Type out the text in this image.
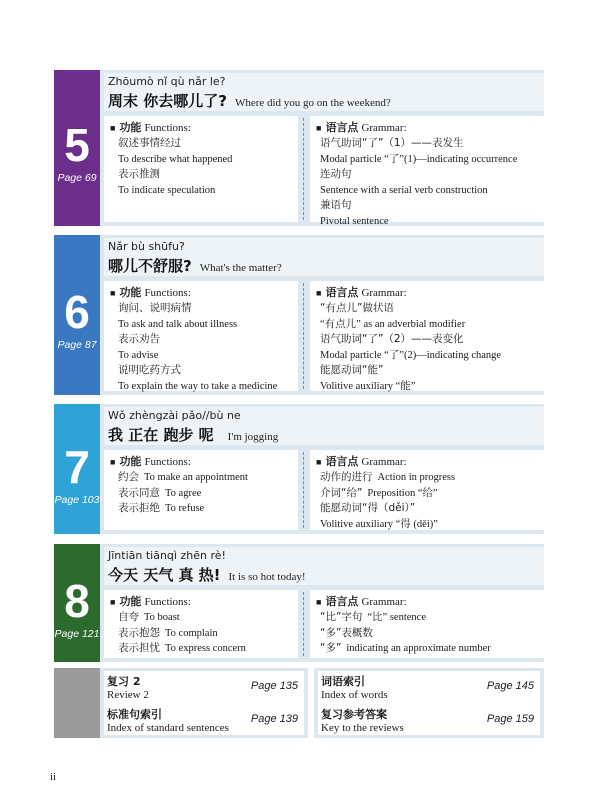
5
Page 69
Zhōumò nǐ qù nǎr le?
周末 你去哪儿了? Where did you go on the weekend?
■ 功能 Functions:
叙述事情经过
To describe what happened
表示推测
To indicate speculation
■ 语言点 Grammar:
语气助词“了”（1）——表发生
Modal particle “了”(1)—indicating occurrence
连动句
Sentence with a serial verb construction
兼语句
Pivotal sentence
6
Page 87
Nǎr bù shūfu?
哪儿不舒服? What's the matter?
■ 功能 Functions:
询问、说明病情
To ask and talk about illness
表示劝告
To advise
说明吃药方式
To explain the way to take a medicine
■ 语言点 Grammar:
“有点儿”做状语
“有点儿” as an adverbial modifier
语气助词“了”（2）——表变化
Modal particle “了”(2)—indicating change
能愿动词“能”
Volitive auxiliary “能”
7
Page 103
Wǒ zhèngzài pǎo//bù ne
我 正在 跑步 呢 I'm jogging
■ 功能 Functions:
约会 To make an appointment
表示同意 To agree
表示拒绝 To refuse
■ 语言点 Grammar:
动作的进行 Action in progress
介词“给” Preposition “给”
能愿动词“得（děi）”
Volitive auxiliary “得 (děi)”
8
Page 121
Jīntiān tiānqì zhēn rè!
今天 天气 真 热! It is so hot today!
■ 功能 Functions:
自夸 To boast
表示抱怨 To complain
表示担忧 To express concern
■ 语言点 Grammar:
“比”字句 “比” sentence
“多”表概数
“多” indicating an approximate number
复习 2
Review 2
Page 135
标准句索引
Index of standard sentences
Page 139
词语索引
Index of words
Page 145
复习参考答案
Key to the reviews
Page 159
ii
